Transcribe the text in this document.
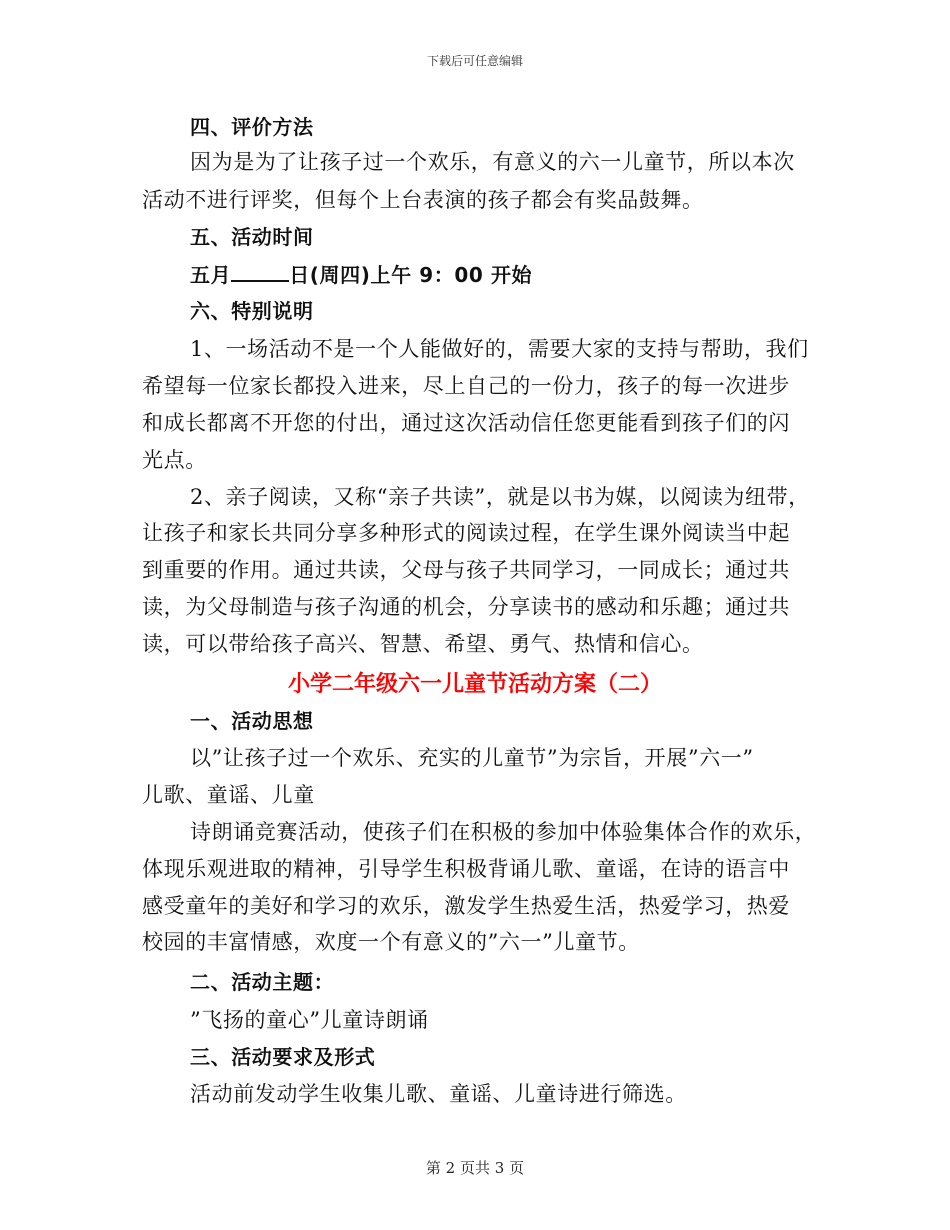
下载后可任意编辑
四、评价方法
因为是为了让孩子过一个欢乐，有意义的六一儿童节，所以本次
活动不进行评奖，但每个上台表演的孩子都会有奖品鼓舞。
五、活动时间
五月	日(周四)上午 9：00 开始
六、特别说明
1、一场活动不是一个人能做好的，需要大家的支持与帮助，我们
希望每一位家长都投入进来，尽上自己的一份力，孩子的每一次进步
和成长都离不开您的付出，通过这次活动信任您更能看到孩子们的闪
光点。
2、亲子阅读，又称“亲子共读”，就是以书为媒，以阅读为纽带，
让孩子和家长共同分享多种形式的阅读过程，在学生课外阅读当中起
到重要的作用。通过共读，父母与孩子共同学习，一同成长；通过共
读，为父母制造与孩子沟通的机会，分享读书的感动和乐趣；通过共
读，可以带给孩子高兴、智慧、希望、勇气、热情和信心。
小学二年级六一儿童节活动方案（二）
一、活动思想
以”让孩子过一个欢乐、充实的儿童节”为宗旨，开展”六一”
儿歌、童谣、儿童
诗朗诵竞赛活动，使孩子们在积极的参加中体验集体合作的欢乐，
体现乐观进取的精神，引导学生积极背诵儿歌、童谣，在诗的语言中
感受童年的美好和学习的欢乐，激发学生热爱生活，热爱学习，热爱
校园的丰富情感，欢度一个有意义的”六一”儿童节。
二、活动主题：
”飞扬的童心”儿童诗朗诵
三、活动要求及形式
活动前发动学生收集儿歌、童谣、儿童诗进行筛选。
第 2 页共 3 页
